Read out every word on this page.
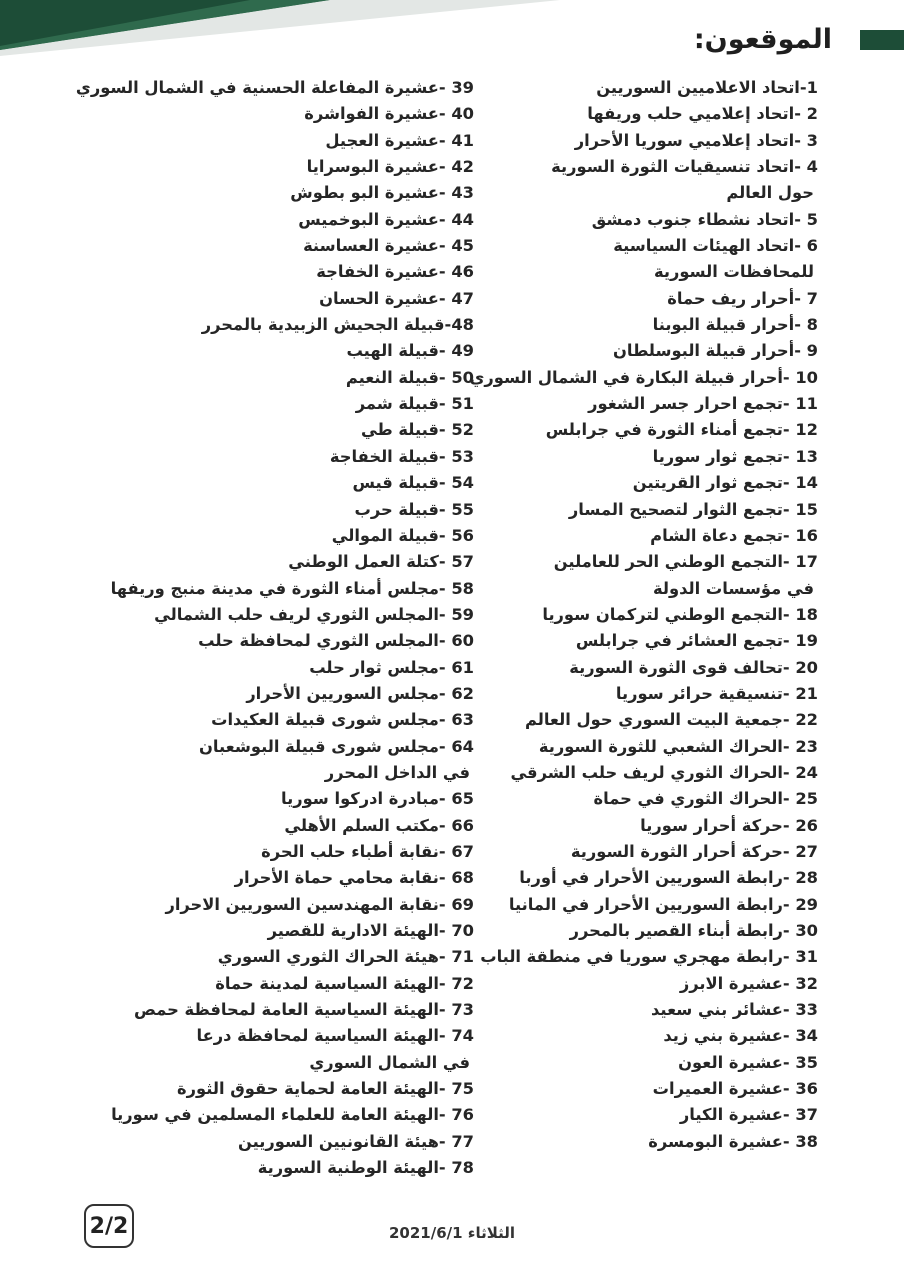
الموقعون:
1-اتحاد الاعلاميين السوريين
2 -اتحاد إعلاميي حلب وريفها
3 -اتحاد إعلاميي سوريا الأحرار
4 -اتحاد تنسيقيات الثورة السورية
حول العالم
5 -اتحاد نشطاء جنوب دمشق
6 -اتحاد الهيئات السياسية
للمحافظات السورية
7 -أحرار ريف حماة
8 -أحرار قبيلة البوبنا
9 -أحرار قبيلة البوسلطان
10 -أحرار قبيلة البكارة في الشمال السوري
11 -تجمع احرار جسر الشغور
12 -تجمع أمناء الثورة في جرابلس
13 -تجمع ثوار سوريا
14 -تجمع ثوار القريتين
15 -تجمع الثوار لتصحيح المسار
16 -تجمع دعاة الشام
17 -التجمع الوطني الحر للعاملين
في مؤسسات الدولة
18 -التجمع الوطني لتركمان سوريا
19 -تجمع العشائر في جرابلس
20 -تحالف قوى الثورة السورية
21 -تنسيقية حرائر سوريا
22 -جمعية البيت السوري حول العالم
23 -الحراك الشعبي للثورة السورية
24 -الحراك الثوري لريف حلب الشرقي
25 -الحراك الثوري في حماة
26 -حركة أحرار سوريا
27 -حركة أحرار الثورة السورية
28 -رابطة السوريين الأحرار في أوربا
29 -رابطة السوريين الأحرار في المانيا
30 -رابطة أبناء القصير بالمحرر
31 -رابطة مهجري سوريا في منطقة الباب
32 -عشيرة الابرز
33 -عشائر بني سعيد
34 -عشيرة بني زيد
35 -عشيرة العون
36 -عشيرة العميرات
37 -عشيرة الكيار
38 -عشيرة البومسرة
39 -عشيرة المفاعلة الحسنية في الشمال السوري
40 -عشيرة الفواشرة
41 -عشيرة العجيل
42 -عشيرة البوسرايا
43 -عشيرة البو بطوش
44 -عشيرة البوخميس
45 -عشيرة العساسنة
46 -عشيرة الخفاجة
47 -عشيرة الحسان
48-قبيلة الجحيش الزبيدية بالمحرر
49 -قبيلة الهيب
50 -قبيلة النعيم
51 -قبيلة شمر
52 -قبيلة طي
53 -قبيلة الخفاجة
54 -قبيلة قيس
55 -قبيلة حرب
56 -قبيلة الموالي
57 -كتلة العمل الوطني
58 -مجلس أمناء الثورة في مدينة منبج وريفها
59 -المجلس الثوري لريف حلب الشمالي
60 -المجلس الثوري لمحافظة حلب
61 -مجلس ثوار حلب
62 -مجلس السوريين الأحرار
63 -مجلس شورى قبيلة العكيدات
64 -مجلس شورى قبيلة البوشعبان
في الداخل المحرر
65 -مبادرة ادركوا سوريا
66 -مكتب السلم الأهلي
67 -نقابة أطباء حلب الحرة
68 -نقابة محامي حماة الأحرار
69 -نقابة المهندسين السوريين الاحرار
70 -الهيئة الادارية للقصير
71 -هيئة الحراك الثوري السوري
72 -الهيئة السياسية لمدينة حماة
73 -الهيئة السياسية العامة لمحافظة حمص
74 -الهيئة السياسية لمحافظة درعا
في الشمال السوري
75 -الهيئة العامة لحماية حقوق الثورة
76 -الهيئة العامة للعلماء المسلمين في سوريا
77 -هيئة القانونيين السوريين
78 -الهيئة الوطنية السورية
2/2	الثلاثاء 2021/6/1
